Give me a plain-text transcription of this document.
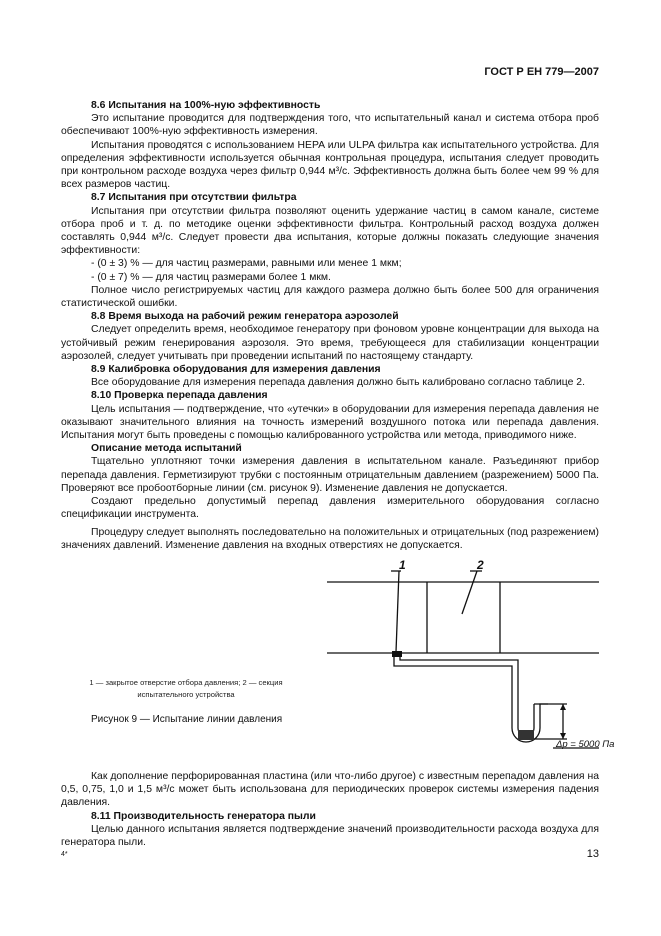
ГОСТ Р ЕН 779—2007
8.6 Испытания на 100%-ную эффективность
Это испытание проводится для подтверждения того, что испытательный канал и система отбора проб обеспечивают 100%-ную эффективность измерения.
Испытания проводятся с использованием HEPA или ULPA фильтра как испытательного устройства. Для определения эффективности используется обычная контрольная процедура, испытания следует проводить при контрольном расходе воздуха через фильтр 0,944 м³/с. Эффективность должна быть более чем 99 % для всех размеров частиц.
8.7 Испытания при отсутствии фильтра
Испытания при отсутствии фильтра позволяют оценить удержание частиц в самом канале, системе отбора проб и т. д. по методике оценки эффективности фильтра. Контрольный расход воздуха должен составлять 0,944 м³/с. Следует провести два испытания, которые должны показать следующие значения эффективности:
- (0 ± 3) % — для частиц размерами, равными или менее 1 мкм;
- (0 ± 7) % — для частиц размерами более 1 мкм.
Полное число регистрируемых частиц для каждого размера должно быть более 500 для ограничения статистической ошибки.
8.8 Время выхода на рабочий режим генератора аэрозолей
Следует определить время, необходимое генератору при фоновом уровне концентрации для выхода на устойчивый режим генерирования аэрозоля. Это время, требующееся для стабилизации концентрации аэрозолей, следует учитывать при проведении испытаний по настоящему стандарту.
8.9 Калибровка оборудования для измерения давления
Все оборудование для измерения перепада давления должно быть калибровано согласно таблице 2.
8.10 Проверка перепада давления
Цель испытания — подтверждение, что «утечки» в оборудовании для измерения перепада давления не оказывают значительного влияния на точность измерений воздушного потока или перепада давления. Испытания могут быть проведены с помощью калиброванного устройства или метода, приводимого ниже.
Описание метода испытаний
Тщательно уплотняют точки измерения давления в испытательном канале. Разъединяют прибор перепада давления. Герметизируют трубки с постоянным отрицательным давлением (разрежением) 5000 Па. Проверяют все пробоотборные линии (см. рисунок 9). Изменение давления не допускается.
Создают предельно допустимый перепад давления измерительного оборудования согласно спецификации инструмента.
Процедуру следует выполнять последовательно на положительных и отрицательных (под разрежением) значениях давлений. Изменение давления на входных отверстиях не допускается.
1	2
Δp = 5000 Па
1 — закрытое отверстие отбора давления; 2 — секция испытательного устройства
Рисунок 9 — Испытание линии давления
Как дополнение перфорированная пластина (или что-либо другое) с известным перепадом давления на 0,5, 0,75, 1,0 и 1,5 м³/с может быть использована для периодических проверок системы измерения падения давления.
8.11 Производительность генератора пыли
Целью данного испытания является подтверждение значений производительности расхода воздуха для генератора пыли.
4*	13
